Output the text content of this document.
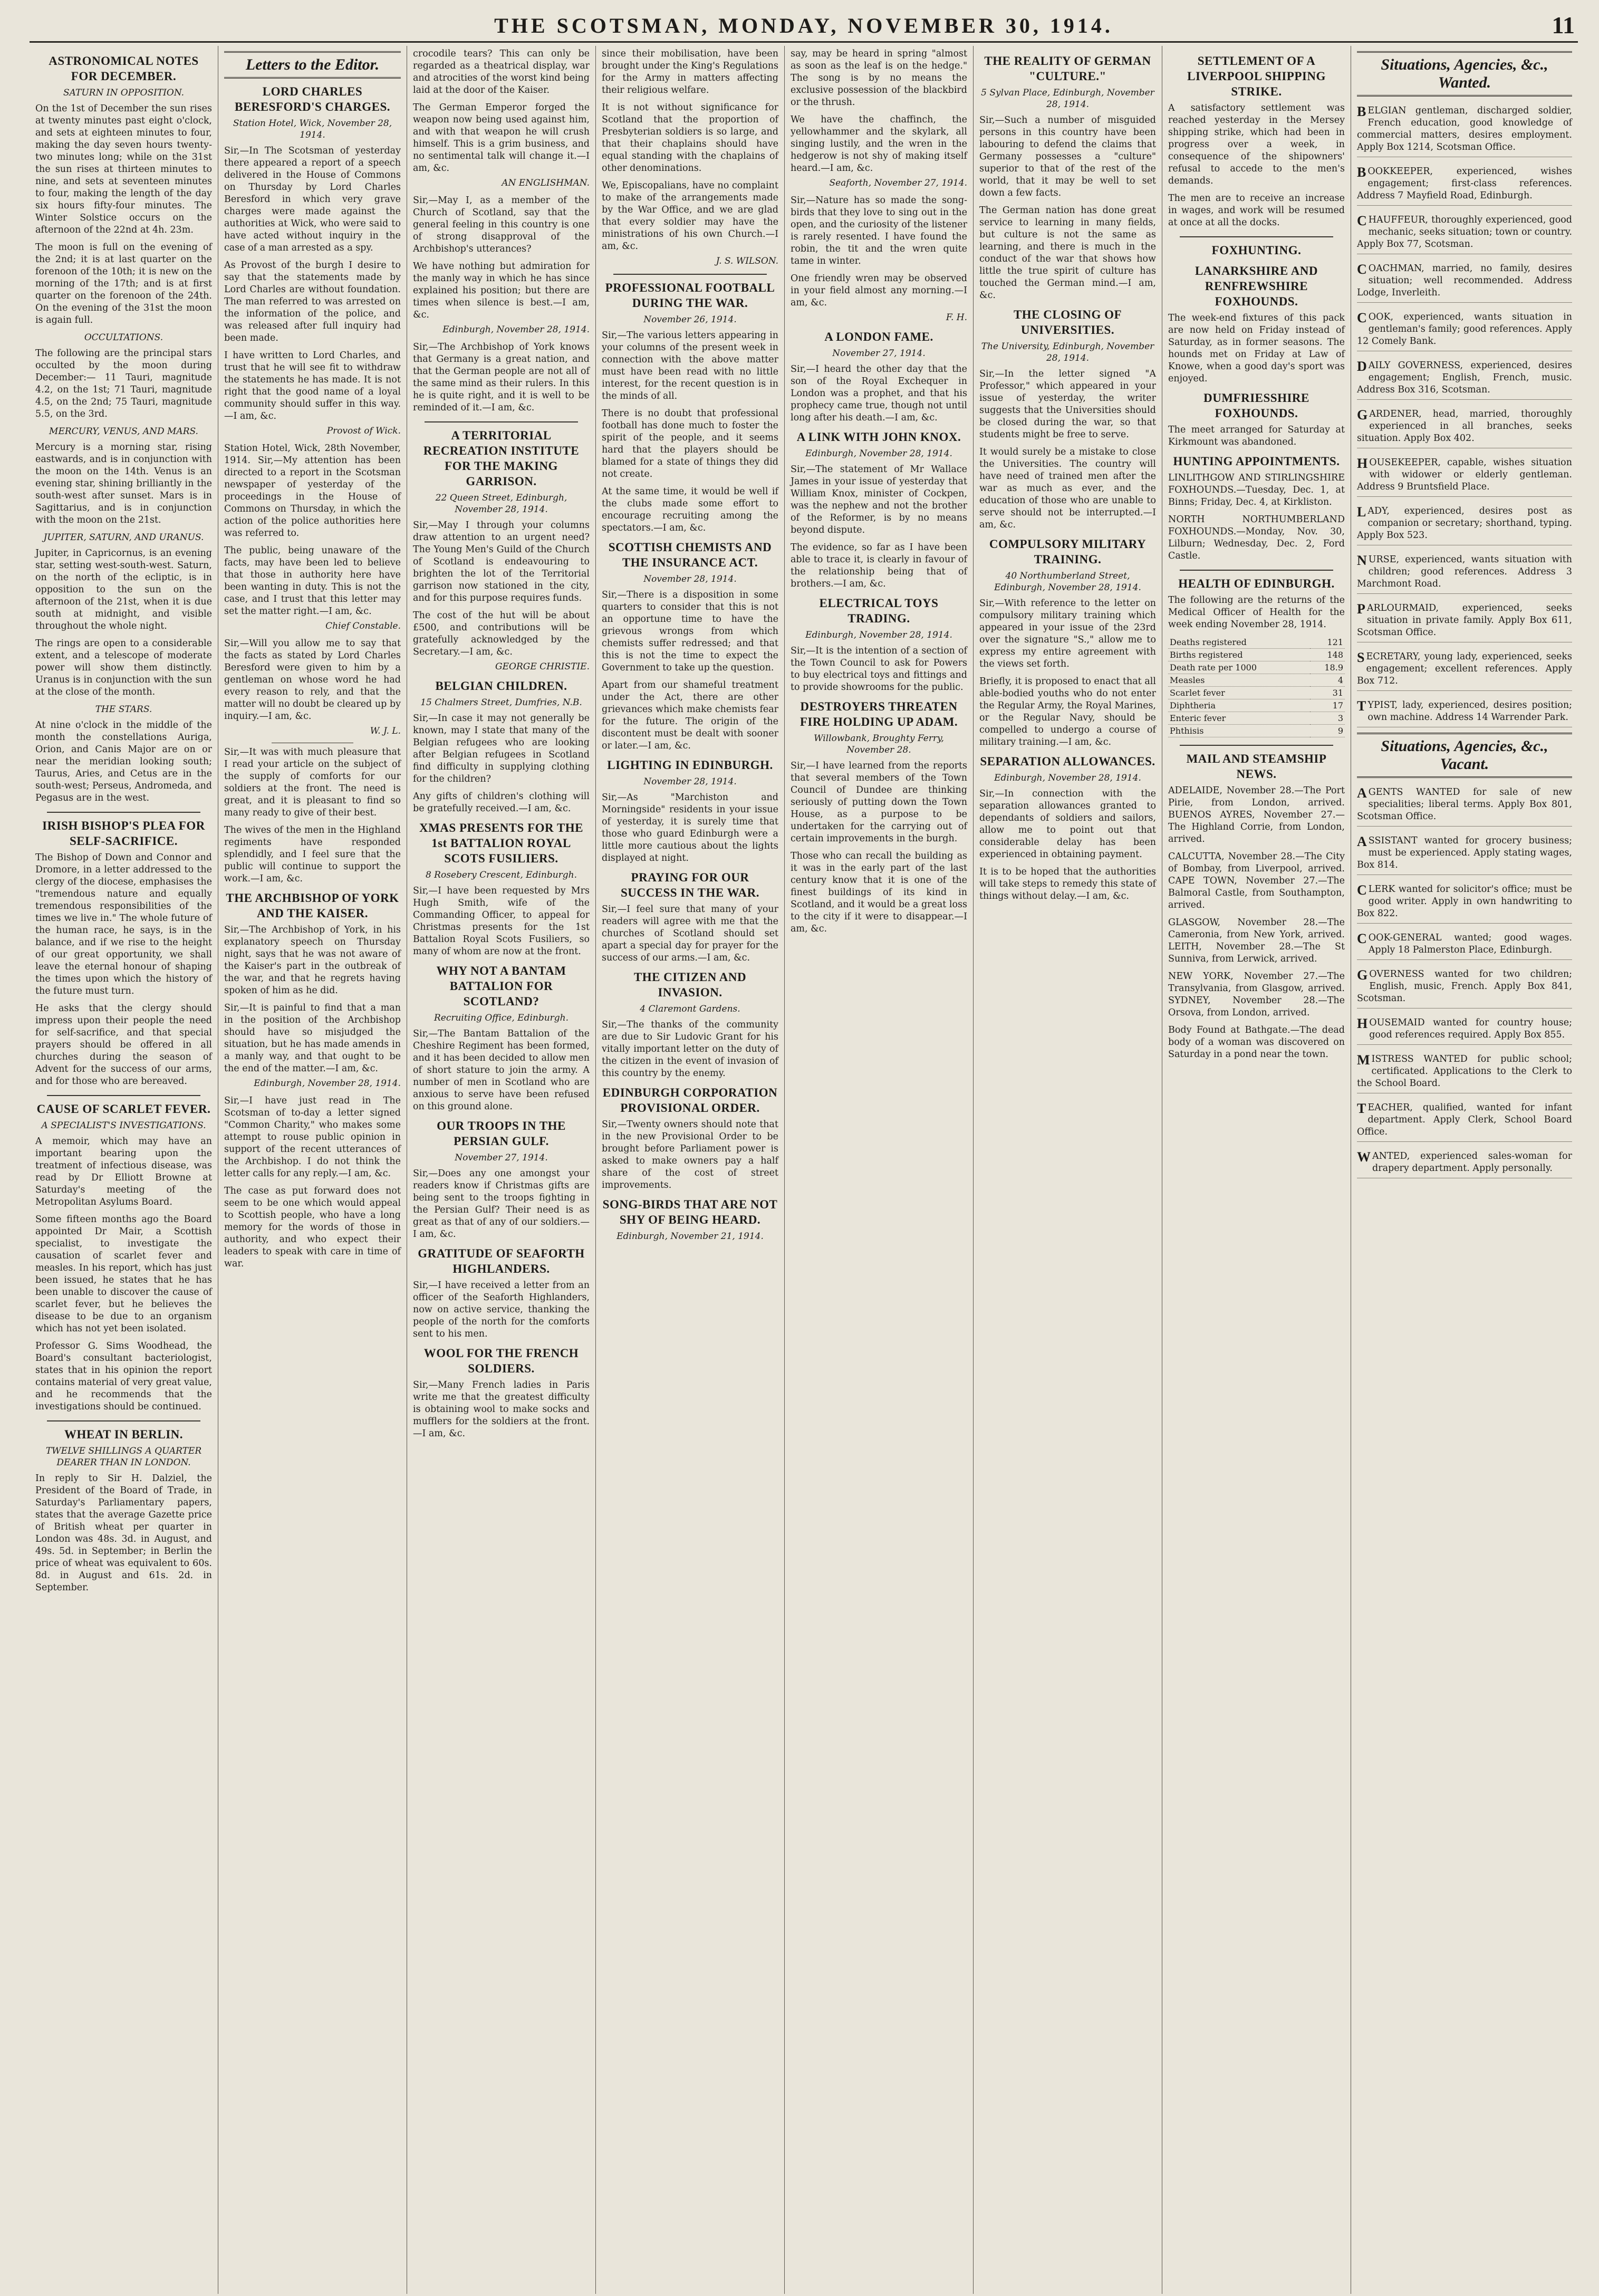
THE SCOTSMAN, MONDAY, NOVEMBER 30, 1914.	11
ASTRONOMICAL NOTES FOR DECEMBER.
SATURN IN OPPOSITION.

On the 1st of December the sun rises at twenty minutes past eight o'clock, and sets at eighteen minutes to four, making the day seven hours twenty-two minutes long; while on the 31st the sun rises at thirteen minutes to nine, and sets at seventeen minutes to four, making the length of the day six hours fifty-four minutes. The Winter Solstice occurs on the afternoon of the 22nd at 4h. 23m.

The moon is full on the evening of the 2nd; it is at last quarter on the forenoon of the 10th; it is new on the morning of the 17th; and is at first quarter on the forenoon of the 24th. On the evening of the 31st the moon is again full.

OCCULTATIONS.

The following are the principal stars occulted by the moon during December:— 11 Tauri, magnitude 4.2, on the 1st; 71 Tauri, magnitude 4.5, on the 2nd; 75 Tauri, magnitude 5.5, on the 3rd.

MERCURY, VENUS, AND MARS.

Mercury is a morning star, rising eastwards, and is in conjunction with the moon on the 14th. Venus is an evening star, shining brilliantly in the south-west after sunset. Mars is in Sagittarius, and is in conjunction with the moon on the 21st.

JUPITER, SATURN, AND URANUS.

Jupiter, in Capricornus, is an evening star, setting west-south-west. Saturn, on the north of the ecliptic, is in opposition to the sun on the afternoon of the 21st, when it is due south at midnight, and visible throughout the whole night.

The rings are open to a considerable extent, and a telescope of moderate power will show them distinctly. Uranus is in conjunction with the sun at the close of the month.

THE STARS.

At nine o'clock in the middle of the month the constellations Auriga, Orion, and Canis Major are on or near the meridian looking south; Taurus, Aries, and Cetus are in the south-west; Perseus, Andromeda, and Pegasus are in the west.

IRISH BISHOP'S PLEA FOR SELF-SACRIFICE.

The Bishop of Down and Connor and Dromore, in a letter addressed to the clergy of the diocese, emphasises the "tremendous nature and equally tremendous responsibilities of the times we live in." The whole future of the human race, he says, is in the balance, and if we rise to the height of our great opportunity, we shall leave the eternal honour of shaping the times upon which the history of the future must turn.

He asks that the clergy should impress upon their people the need for self-sacrifice, and that special prayers should be offered in all churches during the season of Advent for the success of our arms, and for those who are bereaved.

CAUSE OF SCARLET FEVER.
A SPECIALIST'S INVESTIGATIONS.

A memoir, which may have an important bearing upon the treatment of infectious disease, was read by Dr Elliott Browne at Saturday's meeting of the Metropolitan Asylums Board.

Some fifteen months ago the Board appointed Dr Mair, a Scottish specialist, to investigate the causation of scarlet fever and measles. In his report, which has just been issued, he states that he has been unable to discover the cause of scarlet fever, but he believes the disease to be due to an organism which has not yet been isolated.

Professor G. Sims Woodhead, the Board's consultant bacteriologist, states that in his opinion the report contains material of very great value, and he recommends that the investigations should be continued.

WHEAT IN BERLIN.
TWELVE SHILLINGS A QUARTER DEARER THAN IN LONDON.

In reply to Sir H. Dalziel, the President of the Board of Trade, in Saturday's Parliamentary papers, states that the average Gazette price of British wheat per quarter in London was 48s. 3d. in August, and 49s. 5d. in September; in Berlin the price of wheat was equivalent to 60s. 8d. in August and 61s. 2d. in September.

Letters to the Editor.
LORD CHARLES BERESFORD'S CHARGES.
Station Hotel, Wick, November 28, 1914.

Sir,—In The Scotsman of yesterday there appeared a report of a speech delivered in the House of Commons on Thursday by Lord Charles Beresford in which very grave charges were made against the authorities at Wick, who were said to have acted without inquiry in the case of a man arrested as a spy.

As Provost of the burgh I desire to say that the statements made by Lord Charles are without foundation. The man referred to was arrested on the information of the police, and was released after full inquiry had been made.

I have written to Lord Charles, and trust that he will see fit to withdraw the statements he has made. It is not right that the good name of a loyal community should suffer in this way.—I am, &c.

Provost of Wick.

Station Hotel, Wick, 28th November, 1914. Sir,—My attention has been directed to a report in the Scotsman newspaper of yesterday of the proceedings in the House of Commons on Thursday, in which the action of the police authorities here was referred to.

The public, being unaware of the facts, may have been led to believe that those in authority here have been wanting in duty. This is not the case, and I trust that this letter may set the matter right.—I am, &c.

Chief Constable.

Sir,—Will you allow me to say that the facts as stated by Lord Charles Beresford were given to him by a gentleman on whose word he had every reason to rely, and that the matter will no doubt be cleared up by inquiry.—I am, &c.

W. J. L.

Sir,—It was with much pleasure that I read your article on the subject of the supply of comforts for our soldiers at the front. The need is great, and it is pleasant to find so many ready to give of their best.

The wives of the men in the Highland regiments have responded splendidly, and I feel sure that the public will continue to support the work.—I am, &c.

THE ARCHBISHOP OF YORK AND THE KAISER.

Sir,—The Archbishop of York, in his explanatory speech on Thursday night, says that he was not aware of the Kaiser's part in the outbreak of the war, and that he regrets having spoken of him as he did.

Sir,—It is painful to find that a man in the position of the Archbishop should have so misjudged the situation, but he has made amends in a manly way, and that ought to be the end of the matter.—I am, &c.

Edinburgh, November 28, 1914.

Sir,—I have just read in The Scotsman of to-day a letter signed "Common Charity," who makes some attempt to rouse public opinion in support of the recent utterances of the Archbishop. I do not think the letter calls for any reply.—I am, &c.

The case as put forward does not seem to be one which would appeal to Scottish people, who have a long memory for the words of those in authority, and who expect their leaders to speak with care in time of war.

crocodile tears? This can only be regarded as a theatrical display, war and atrocities of the worst kind being laid at the door of the Kaiser.

The German Emperor forged the weapon now being used against him, and with that weapon he will crush himself. This is a grim business, and no sentimental talk will change it.—I am, &c.

AN ENGLISHMAN.

Sir,—May I, as a member of the Church of Scotland, say that the general feeling in this country is one of strong disapproval of the Archbishop's utterances?

We have nothing but admiration for the manly way in which he has since explained his position; but there are times when silence is best.—I am, &c.

Edinburgh, November 28, 1914.

Sir,—The Archbishop of York knows that Germany is a great nation, and that the German people are not all of the same mind as their rulers. In this he is quite right, and it is well to be reminded of it.—I am, &c.

A TERRITORIAL RECREATION INSTITUTE FOR THE MAKING GARRISON.
22 Queen Street, Edinburgh, November 28, 1914.

Sir,—May I through your columns draw attention to an urgent need? The Young Men's Guild of the Church of Scotland is endeavouring to brighten the lot of the Territorial garrison now stationed in the city, and for this purpose requires funds.

The cost of the hut will be about £500, and contributions will be gratefully acknowledged by the Secretary.—I am, &c.

GEORGE CHRISTIE.
BELGIAN CHILDREN.
15 Chalmers Street, Dumfries, N.B.

Sir,—In case it may not generally be known, may I state that many of the Belgian refugees who are looking after Belgian refugees in Scotland find difficulty in supplying clothing for the children?

Any gifts of children's clothing will be gratefully received.—I am, &c.

XMAS PRESENTS FOR THE 1st BATTALION ROYAL SCOTS FUSILIERS.
8 Rosebery Crescent, Edinburgh.

Sir,—I have been requested by Mrs Hugh Smith, wife of the Commanding Officer, to appeal for Christmas presents for the 1st Battalion Royal Scots Fusiliers, so many of whom are now at the front.

WHY NOT A BANTAM BATTALION FOR SCOTLAND?
Recruiting Office, Edinburgh.

Sir,—The Bantam Battalion of the Cheshire Regiment has been formed, and it has been decided to allow men of short stature to join the army. A number of men in Scotland who are anxious to serve have been refused on this ground alone.

OUR TROOPS IN THE PERSIAN GULF.
November 27, 1914.

Sir,—Does any one amongst your readers know if Christmas gifts are being sent to the troops fighting in the Persian Gulf? Their need is as great as that of any of our soldiers.—I am, &c.

GRATITUDE OF SEAFORTH HIGHLANDERS.

Sir,—I have received a letter from an officer of the Seaforth Highlanders, now on active service, thanking the people of the north for the comforts sent to his men.

WOOL FOR THE FRENCH SOLDIERS.

Sir,—Many French ladies in Paris write me that the greatest difficulty is obtaining wool to make socks and mufflers for the soldiers at the front.—I am, &c.

since their mobilisation, have been brought under the King's Regulations for the Army in matters affecting their religious welfare.

It is not without significance for Scotland that the proportion of Presbyterian soldiers is so large, and that their chaplains should have equal standing with the chaplains of other denominations.

We, Episcopalians, have no complaint to make of the arrangements made by the War Office, and we are glad that every soldier may have the ministrations of his own Church.—I am, &c.

J. S. WILSON.
PROFESSIONAL FOOTBALL DURING THE WAR.
November 26, 1914.

Sir,—The various letters appearing in your columns of the present week in connection with the above matter must have been read with no little interest, for the recent question is in the minds of all.

There is no doubt that professional football has done much to foster the spirit of the people, and it seems hard that the players should be blamed for a state of things they did not create.

At the same time, it would be well if the clubs made some effort to encourage recruiting among the spectators.—I am, &c.

SCOTTISH CHEMISTS AND THE INSURANCE ACT.
November 28, 1914.

Sir,—There is a disposition in some quarters to consider that this is not an opportune time to have the grievous wrongs from which chemists suffer redressed; and that this is not the time to expect the Government to take up the question.

Apart from our shameful treatment under the Act, there are other grievances which make chemists fear for the future. The origin of the discontent must be dealt with sooner or later.—I am, &c.

LIGHTING IN EDINBURGH.
November 28, 1914.

Sir,—As "Marchiston and Morningside" residents in your issue of yesterday, it is surely time that those who guard Edinburgh were a little more cautious about the lights displayed at night.

PRAYING FOR OUR SUCCESS IN THE WAR.

Sir,—I feel sure that many of your readers will agree with me that the churches of Scotland should set apart a special day for prayer for the success of our arms.—I am, &c.

THE CITIZEN AND INVASION.
4 Claremont Gardens.

Sir,—The thanks of the community are due to Sir Ludovic Grant for his vitally important letter on the duty of the citizen in the event of invasion of this country by the enemy.

EDINBURGH CORPORATION PROVISIONAL ORDER.

Sir,—Twenty owners should note that in the new Provisional Order to be brought before Parliament power is asked to make owners pay a half share of the cost of street improvements.

SONG-BIRDS THAT ARE NOT SHY OF BEING HEARD.
Edinburgh, November 21, 1914.

say, may be heard in spring "almost as soon as the leaf is on the hedge." The song is by no means the exclusive possession of the blackbird or the thrush.

We have the chaffinch, the yellowhammer and the skylark, all singing lustily, and the wren in the hedgerow is not shy of making itself heard.—I am, &c.

Seaforth, November 27, 1914.

Sir,—Nature has so made the song-birds that they love to sing out in the open, and the curiosity of the listener is rarely resented. I have found the robin, the tit and the wren quite tame in winter.

One friendly wren may be observed in your field almost any morning.—I am, &c.

F. H.
A LONDON FAME.
November 27, 1914.

Sir,—I heard the other day that the son of the Royal Exchequer in London was a prophet, and that his prophecy came true, though not until long after his death.—I am, &c.

A LINK WITH JOHN KNOX.
Edinburgh, November 28, 1914.

Sir,—The statement of Mr Wallace James in your issue of yesterday that William Knox, minister of Cockpen, was the nephew and not the brother of the Reformer, is by no means beyond dispute.

The evidence, so far as I have been able to trace it, is clearly in favour of the relationship being that of brothers.—I am, &c.

ELECTRICAL TOYS TRADING.
Edinburgh, November 28, 1914.

Sir,—It is the intention of a section of the Town Council to ask for Powers to buy electrical toys and fittings and to provide showrooms for the public.

DESTROYERS THREATEN FIRE HOLDING UP ADAM.
Willowbank, Broughty Ferry, November 28.

Sir,—I have learned from the reports that several members of the Town Council of Dundee are thinking seriously of putting down the Town House, as a purpose to be undertaken for the carrying out of certain improvements in the burgh.

Those who can recall the building as it was in the early part of the last century know that it is one of the finest buildings of its kind in Scotland, and it would be a great loss to the city if it were to disappear.—I am, &c.

THE REALITY OF GERMAN "CULTURE."
5 Sylvan Place, Edinburgh, November 28, 1914.

Sir,—Such a number of misguided persons in this country have been labouring to defend the claims that Germany possesses a "culture" superior to that of the rest of the world, that it may be well to set down a few facts.

The German nation has done great service to learning in many fields, but culture is not the same as learning, and there is much in the conduct of the war that shows how little the true spirit of culture has touched the German mind.—I am, &c.

THE CLOSING OF UNIVERSITIES.
The University, Edinburgh, November 28, 1914.

Sir,—In the letter signed "A Professor," which appeared in your issue of yesterday, the writer suggests that the Universities should be closed during the war, so that students might be free to serve.

It would surely be a mistake to close the Universities. The country will have need of trained men after the war as much as ever, and the education of those who are unable to serve should not be interrupted.—I am, &c.

COMPULSORY MILITARY TRAINING.
40 Northumberland Street, Edinburgh, November 28, 1914.

Sir,—With reference to the letter on compulsory military training which appeared in your issue of the 23rd over the signature "S.," allow me to express my entire agreement with the views set forth.

Briefly, it is proposed to enact that all able-bodied youths who do not enter the Regular Army, the Royal Marines, or the Regular Navy, should be compelled to undergo a course of military training.—I am, &c.

SEPARATION ALLOWANCES.
Edinburgh, November 28, 1914.

Sir,—In connection with the separation allowances granted to dependants of soldiers and sailors, allow me to point out that considerable delay has been experienced in obtaining payment.

It is to be hoped that the authorities will take steps to remedy this state of things without delay.—I am, &c.

SETTLEMENT OF A LIVERPOOL SHIPPING STRIKE.

A satisfactory settlement was reached yesterday in the Mersey shipping strike, which had been in progress over a week, in consequence of the shipowners' refusal to accede to the men's demands.

The men are to receive an increase in wages, and work will be resumed at once at all the docks.

FOXHUNTING.
LANARKSHIRE AND RENFREWSHIRE FOXHOUNDS.

The week-end fixtures of this pack are now held on Friday instead of Saturday, as in former seasons. The hounds met on Friday at Law of Knowe, when a good day's sport was enjoyed.

DUMFRIESSHIRE FOXHOUNDS.

The meet arranged for Saturday at Kirkmount was abandoned.

HUNTING APPOINTMENTS.

LINLITHGOW AND STIRLINGSHIRE FOXHOUNDS.—Tuesday, Dec. 1, at Binns; Friday, Dec. 4, at Kirkliston.

NORTH NORTHUMBERLAND FOXHOUNDS.—Monday, Nov. 30, Lilburn; Wednesday, Dec. 2, Ford Castle.

HEALTH OF EDINBURGH.

The following are the returns of the Medical Officer of Health for the week ending November 28, 1914.

Deaths registered	121
Births registered	148
Death rate per 1000	18.9
Measles	4
Scarlet fever	31
Diphtheria	17
Enteric fever	3
Phthisis	9
MAIL AND STEAMSHIP NEWS.

ADELAIDE, November 28.—The Port Pirie, from London, arrived. BUENOS AYRES, November 27.—The Highland Corrie, from London, arrived.

CALCUTTA, November 28.—The City of Bombay, from Liverpool, arrived. CAPE TOWN, November 27.—The Balmoral Castle, from Southampton, arrived.

GLASGOW, November 28.—The Cameronia, from New York, arrived. LEITH, November 28.—The St Sunniva, from Lerwick, arrived.

NEW YORK, November 27.—The Transylvania, from Glasgow, arrived. SYDNEY, November 28.—The Orsova, from London, arrived.

Body Found at Bathgate.—The dead body of a woman was discovered on Saturday in a pond near the town.

Situations, Agencies, &c., Wanted.

B ELGIAN gentleman, discharged soldier, French education, good knowledge of commercial matters, desires employment. Apply Box 1214, Scotsman Office.

B OOKKEEPER, experienced, wishes engagement; first-class references. Address 7 Mayfield Road, Edinburgh.

C HAUFFEUR, thoroughly experienced, good mechanic, seeks situation; town or country. Apply Box 77, Scotsman.

C OACHMAN, married, no family, desires situation; well recommended. Address Lodge, Inverleith.

C OOK, experienced, wants situation in gentleman's family; good references. Apply 12 Comely Bank.

D AILY GOVERNESS, experienced, desires engagement; English, French, music. Address Box 316, Scotsman.

G ARDENER, head, married, thoroughly experienced in all branches, seeks situation. Apply Box 402.

H OUSEKEEPER, capable, wishes situation with widower or elderly gentleman. Address 9 Bruntsfield Place.

L ADY, experienced, desires post as companion or secretary; shorthand, typing. Apply Box 523.

N URSE, experienced, wants situation with children; good references. Address 3 Marchmont Road.

P ARLOURMAID, experienced, seeks situation in private family. Apply Box 611, Scotsman Office.

S ECRETARY, young lady, experienced, seeks engagement; excellent references. Apply Box 712.

T YPIST, lady, experienced, desires position; own machine. Address 14 Warrender Park.

Situations, Agencies, &c., Vacant.

A GENTS WANTED for sale of new specialities; liberal terms. Apply Box 801, Scotsman Office.

A SSISTANT wanted for grocery business; must be experienced. Apply stating wages, Box 814.

C LERK wanted for solicitor's office; must be good writer. Apply in own handwriting to Box 822.

C OOK-GENERAL wanted; good wages. Apply 18 Palmerston Place, Edinburgh.

G OVERNESS wanted for two children; English, music, French. Apply Box 841, Scotsman.

H OUSEMAID wanted for country house; good references required. Apply Box 855.

M ISTRESS WANTED for public school; certificated. Applications to the Clerk to the School Board.

T EACHER, qualified, wanted for infant department. Apply Clerk, School Board Office.

W ANTED, experienced sales-woman for drapery department. Apply personally.
